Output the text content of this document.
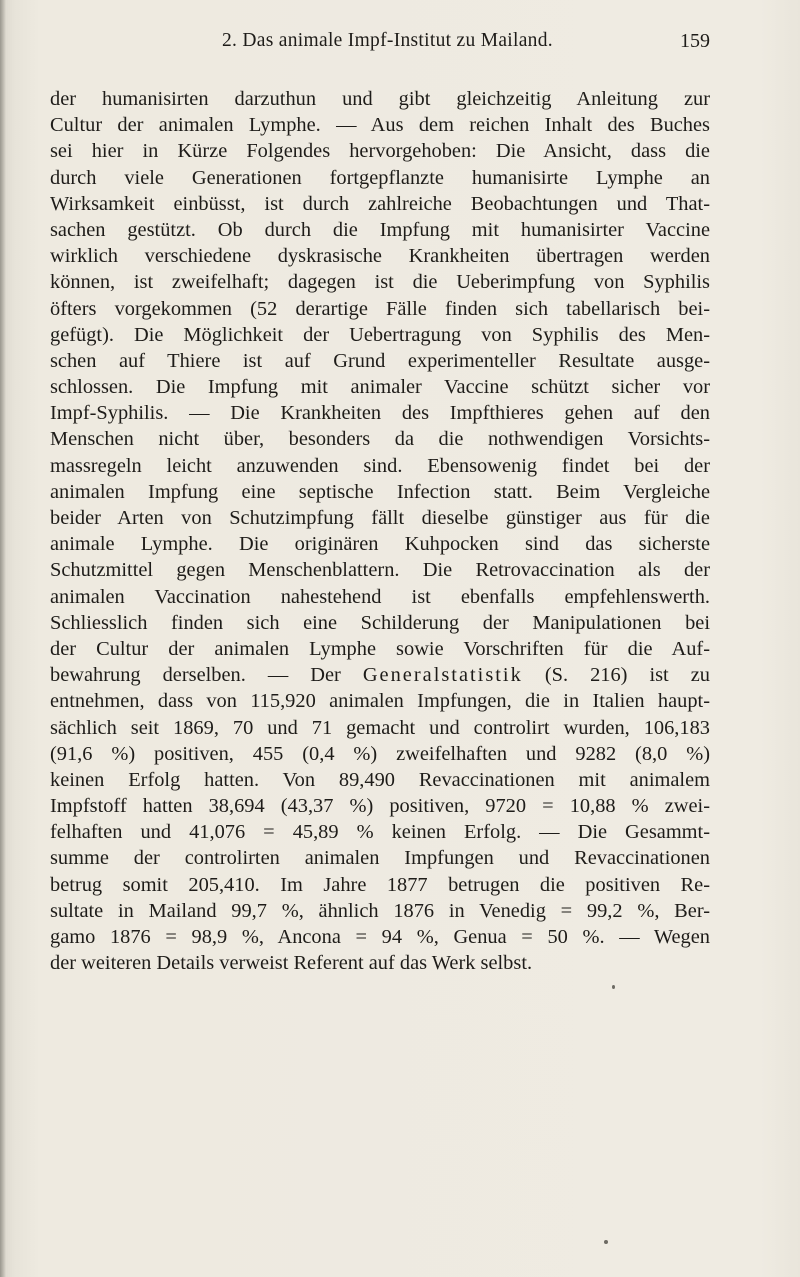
2. Das animale Impf-Institut zu Mailand.	159
der humanisirten darzuthun und gibt gleichzeitig Anleitung zur
Cultur der animalen Lymphe. — Aus dem reichen Inhalt des Buches
sei hier in Kürze Folgendes hervorgehoben: Die Ansicht, dass die
durch viele Generationen fortgepflanzte humanisirte Lymphe an
Wirksamkeit einbüsst, ist durch zahlreiche Beobachtungen und That-
sachen gestützt. Ob durch die Impfung mit humanisirter Vaccine
wirklich verschiedene dyskrasische Krankheiten übertragen werden
können, ist zweifelhaft; dagegen ist die Ueberimpfung von Syphilis
öfters vorgekommen (52 derartige Fälle finden sich tabellarisch bei-
gefügt). Die Möglichkeit der Uebertragung von Syphilis des Men-
schen auf Thiere ist auf Grund experimenteller Resultate ausge-
schlossen. Die Impfung mit animaler Vaccine schützt sicher vor
Impf-Syphilis. — Die Krankheiten des Impfthieres gehen auf den
Menschen nicht über, besonders da die nothwendigen Vorsichts-
massregeln leicht anzuwenden sind. Ebensowenig findet bei der
animalen Impfung eine septische Infection statt. Beim Vergleiche
beider Arten von Schutzimpfung fällt dieselbe günstiger aus für die
animale Lymphe. Die originären Kuhpocken sind das sicherste
Schutzmittel gegen Menschenblattern. Die Retrovaccination als der
animalen Vaccination nahestehend ist ebenfalls empfehlenswerth.
Schliesslich finden sich eine Schilderung der Manipulationen bei
der Cultur der animalen Lymphe sowie Vorschriften für die Auf-
bewahrung derselben. — Der Generalstatistik (S. 216) ist zu
entnehmen, dass von 115,920 animalen Impfungen, die in Italien haupt-
sächlich seit 1869, 70 und 71 gemacht und controlirt wurden, 106,183
(91,6 %) positiven, 455 (0,4 %) zweifelhaften und 9282 (8,0 %)
keinen Erfolg hatten. Von 89,490 Revaccinationen mit animalem
Impfstoff hatten 38,694 (43,37 %) positiven, 9720 = 10,88 % zwei-
felhaften und 41,076 = 45,89 % keinen Erfolg. — Die Gesammt-
summe der controlirten animalen Impfungen und Revaccinationen
betrug somit 205,410. Im Jahre 1877 betrugen die positiven Re-
sultate in Mailand 99,7 %, ähnlich 1876 in Venedig = 99,2 %, Ber-
gamo 1876 = 98,9 %, Ancona = 94 %, Genua = 50 %. — Wegen
der weiteren Details verweist Referent auf das Werk selbst.
